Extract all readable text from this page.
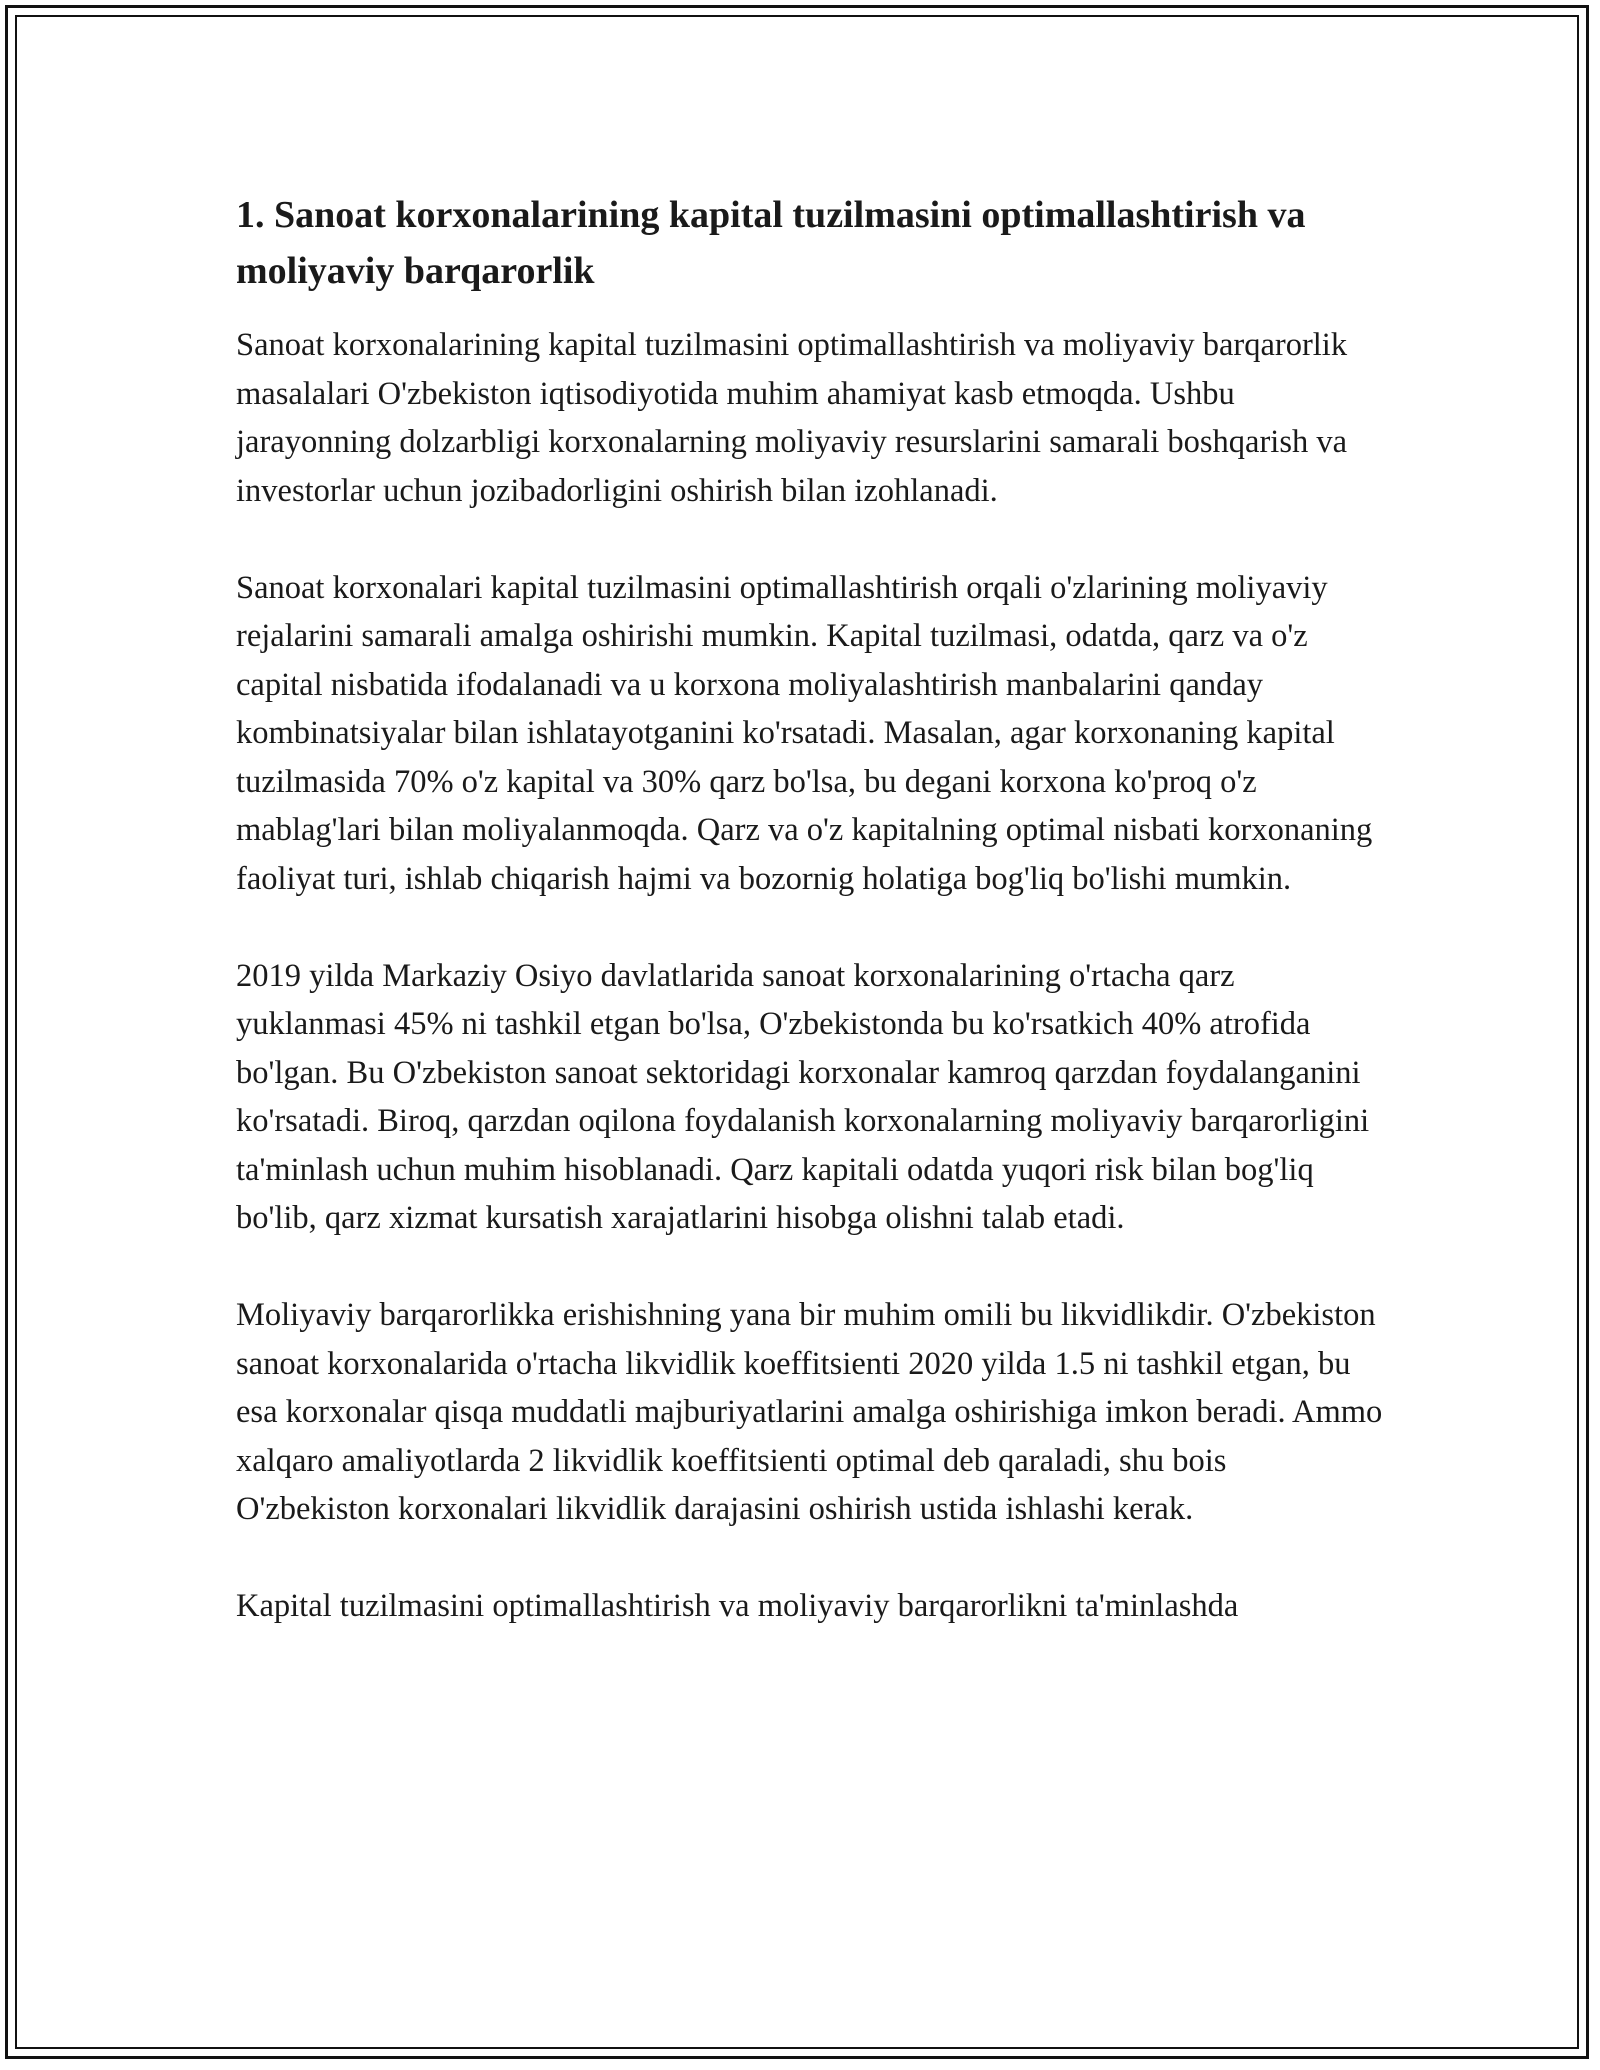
1. Sanoat korxonalarining kapital tuzilmasini optimallashtirish va moliyaviy barqarorlik

Sanoat korxonalarining kapital tuzilmasini optimallashtirish va moliyaviy barqarorlik masalalari O'zbekiston iqtisodiyotida muhim ahamiyat kasb etmoqda. Ushbu jarayonning dolzarbligi korxonalarning moliyaviy resurslarini samarali boshqarish va investorlar uchun jozibadorligini oshirish bilan izohlanadi.

Sanoat korxonalari kapital tuzilmasini optimallashtirish orqali o'zlarining moliyaviy rejalarini samarali amalga oshirishi mumkin. Kapital tuzilmasi, odatda, qarz va o'z capital nisbatida ifodalanadi va u korxona moliyalashtirish manbalarini qanday kombinatsiyalar bilan ishlatayotganini ko'rsatadi. Masalan, agar korxonaning kapital tuzilmasida 70% o'z kapital va 30% qarz bo'lsa, bu degani korxona ko'proq o'z mablag'lari bilan moliyalanmoqda. Qarz va o'z kapitalning optimal nisbati korxonaning faoliyat turi, ishlab chiqarish hajmi va bozornig holatiga bog'liq bo'lishi mumkin.

2019 yilda Markaziy Osiyo davlatlarida sanoat korxonalarining o'rtacha qarz yuklanmasi 45% ni tashkil etgan bo'lsa, O'zbekistonda bu ko'rsatkich 40% atrofida bo'lgan. Bu O'zbekiston sanoat sektoridagi korxonalar kamroq qarzdan foydalanganini ko'rsatadi. Biroq, qarzdan oqilona foydalanish korxonalarning moliyaviy barqarorligini ta'minlash uchun muhim hisoblanadi. Qarz kapitali odatda yuqori risk bilan bog'liq bo'lib, qarz xizmat kursatish xarajatlarini hisobga olishni talab etadi.

Moliyaviy barqarorlikka erishishning yana bir muhim omili bu likvidlikdir. O'zbekiston sanoat korxonalarida o'rtacha likvidlik koeffitsienti 2020 yilda 1.5 ni tashkil etgan, bu esa korxonalar qisqa muddatli majburiyatlarini amalga oshirishiga imkon beradi. Ammo xalqaro amaliyotlarda 2 likvidlik koeffitsienti optimal deb qaraladi, shu bois O'zbekiston korxonalari likvidlik darajasini oshirish ustida ishlashi kerak.

Kapital tuzilmasini optimallashtirish va moliyaviy barqarorlikni ta'minlashda
